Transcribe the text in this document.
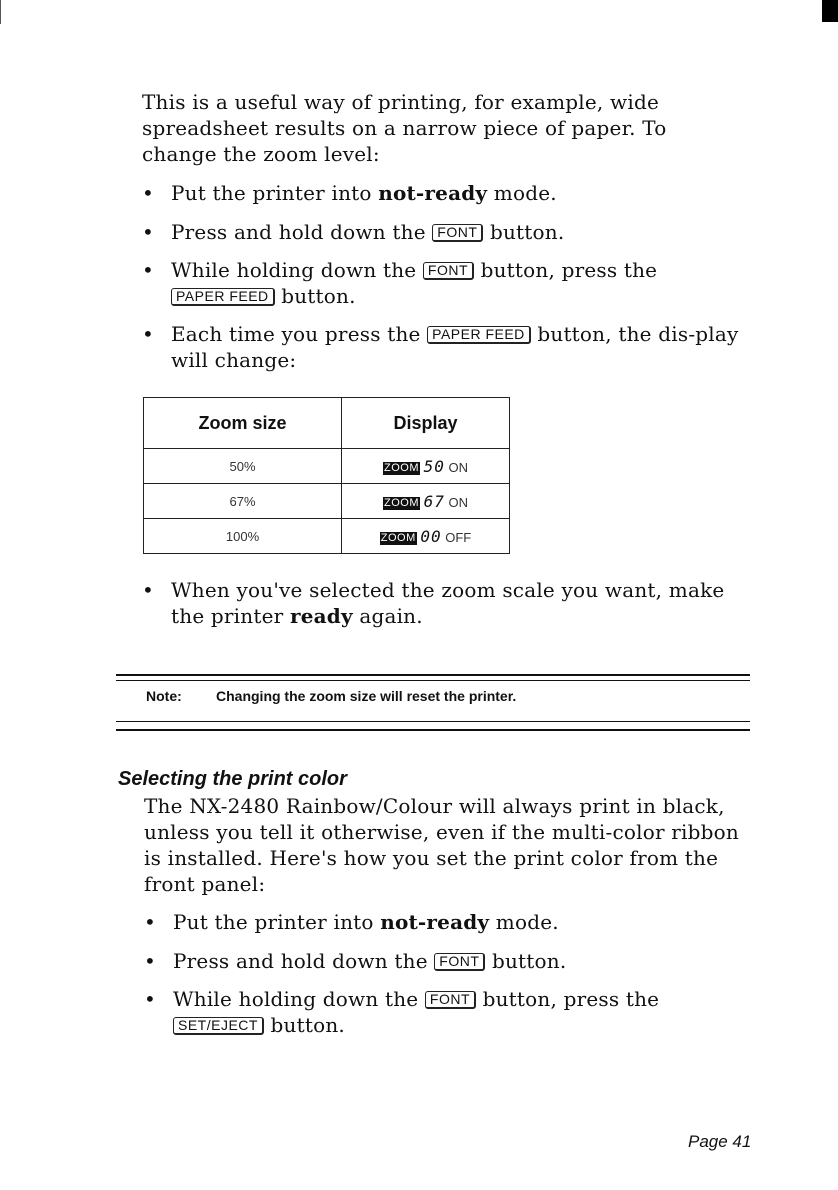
This is a useful way of printing, for example, wide spreadsheet results on a narrow piece of paper. To change the zoom level:

• Put the printer into not-ready mode.
• Press and hold down the FONT button.
• While holding down the FONT button, press the
PAPER FEED button.
• Each time you press the PAPER FEED button, the dis-play will change:
Zoom size	Display
50%	ZOOM 50 ON
67%	ZOOM 67 ON
100%	ZOOM 00 OFF
• When you've selected the zoom scale you want, make the printer ready again.
Note: Changing the zoom size will reset the printer.
Selecting the print color

The NX-2480 Rainbow/Colour will always print in black, unless you tell it otherwise, even if the multi-color ribbon is installed. Here's how you set the print color from the front panel:

• Put the printer into not-ready mode.
• Press and hold down the FONT button.
• While holding down the FONT button, press the
SET/EJECT button.
Page 41
